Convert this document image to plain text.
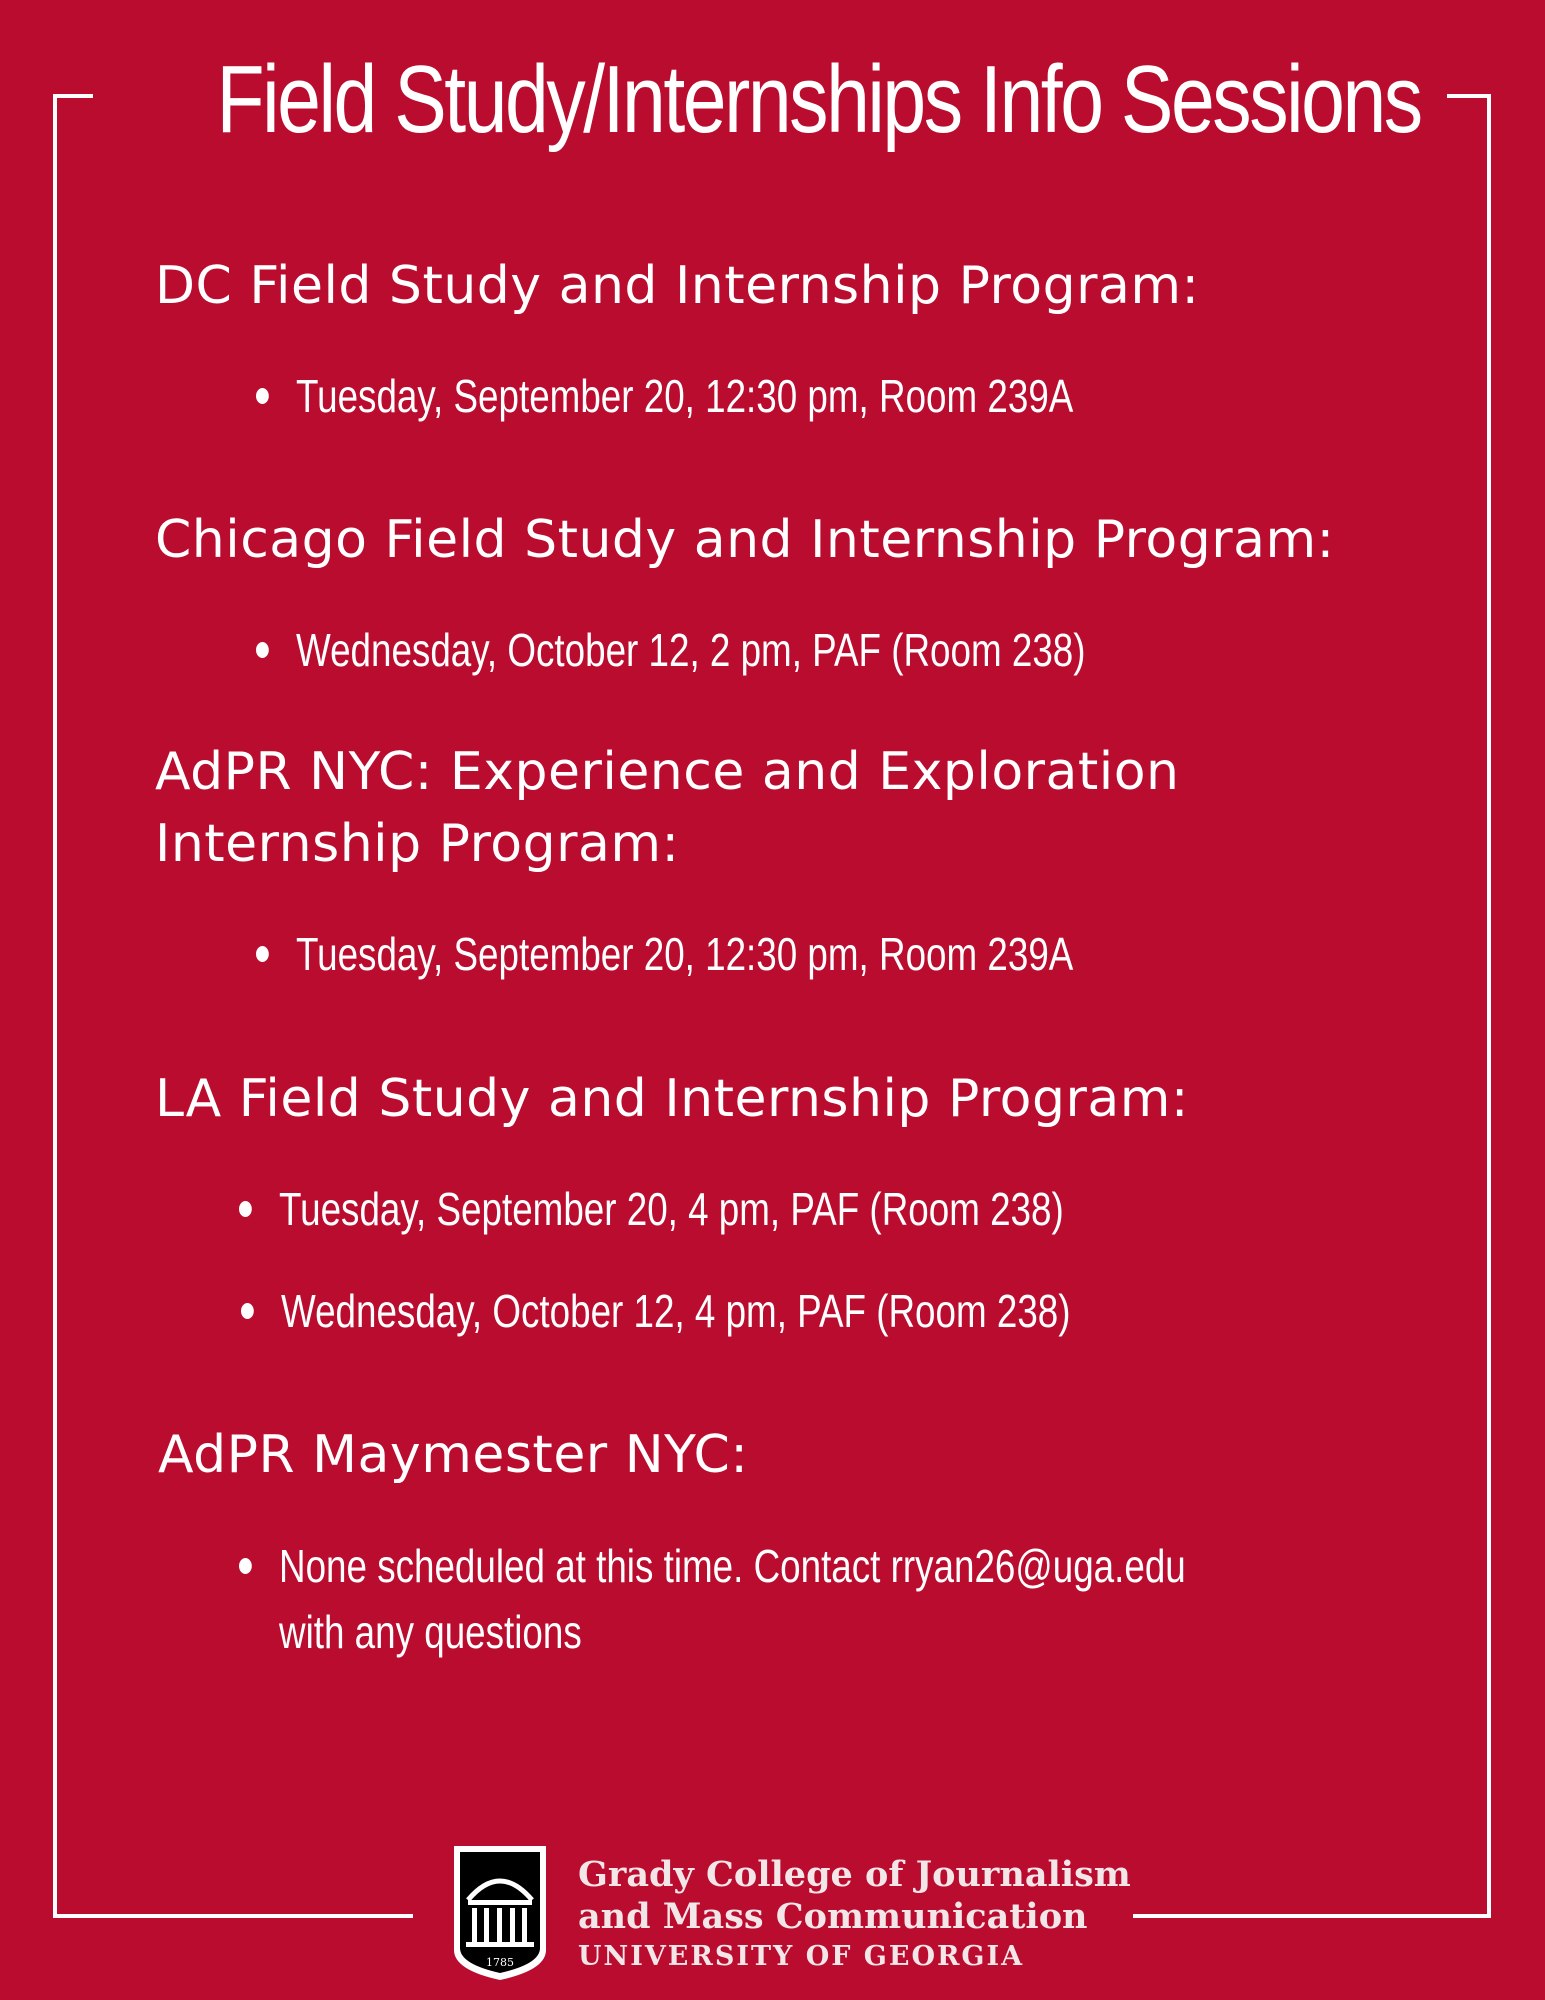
Field Study/Internships Info Sessions
DC Field Study and Internship Program:
Tuesday, September 20, 12:30 pm, Room 239A
Chicago Field Study and Internship Program:
Wednesday, October 12, 2 pm, PAF (Room 238)
AdPR NYC: Experience and Exploration Internship Program:
Tuesday, September 20, 12:30 pm, Room 239A
LA Field Study and Internship Program:
Tuesday, September 20, 4 pm, PAF (Room 238)
Wednesday, October 12, 4 pm, PAF (Room 238)
AdPR Maymester NYC:
None scheduled at this time. Contact rryan26@uga.edu with any questions
1785
Grady College of Journalism
and Mass Communication
UNIVERSITY OF GEORGIA
